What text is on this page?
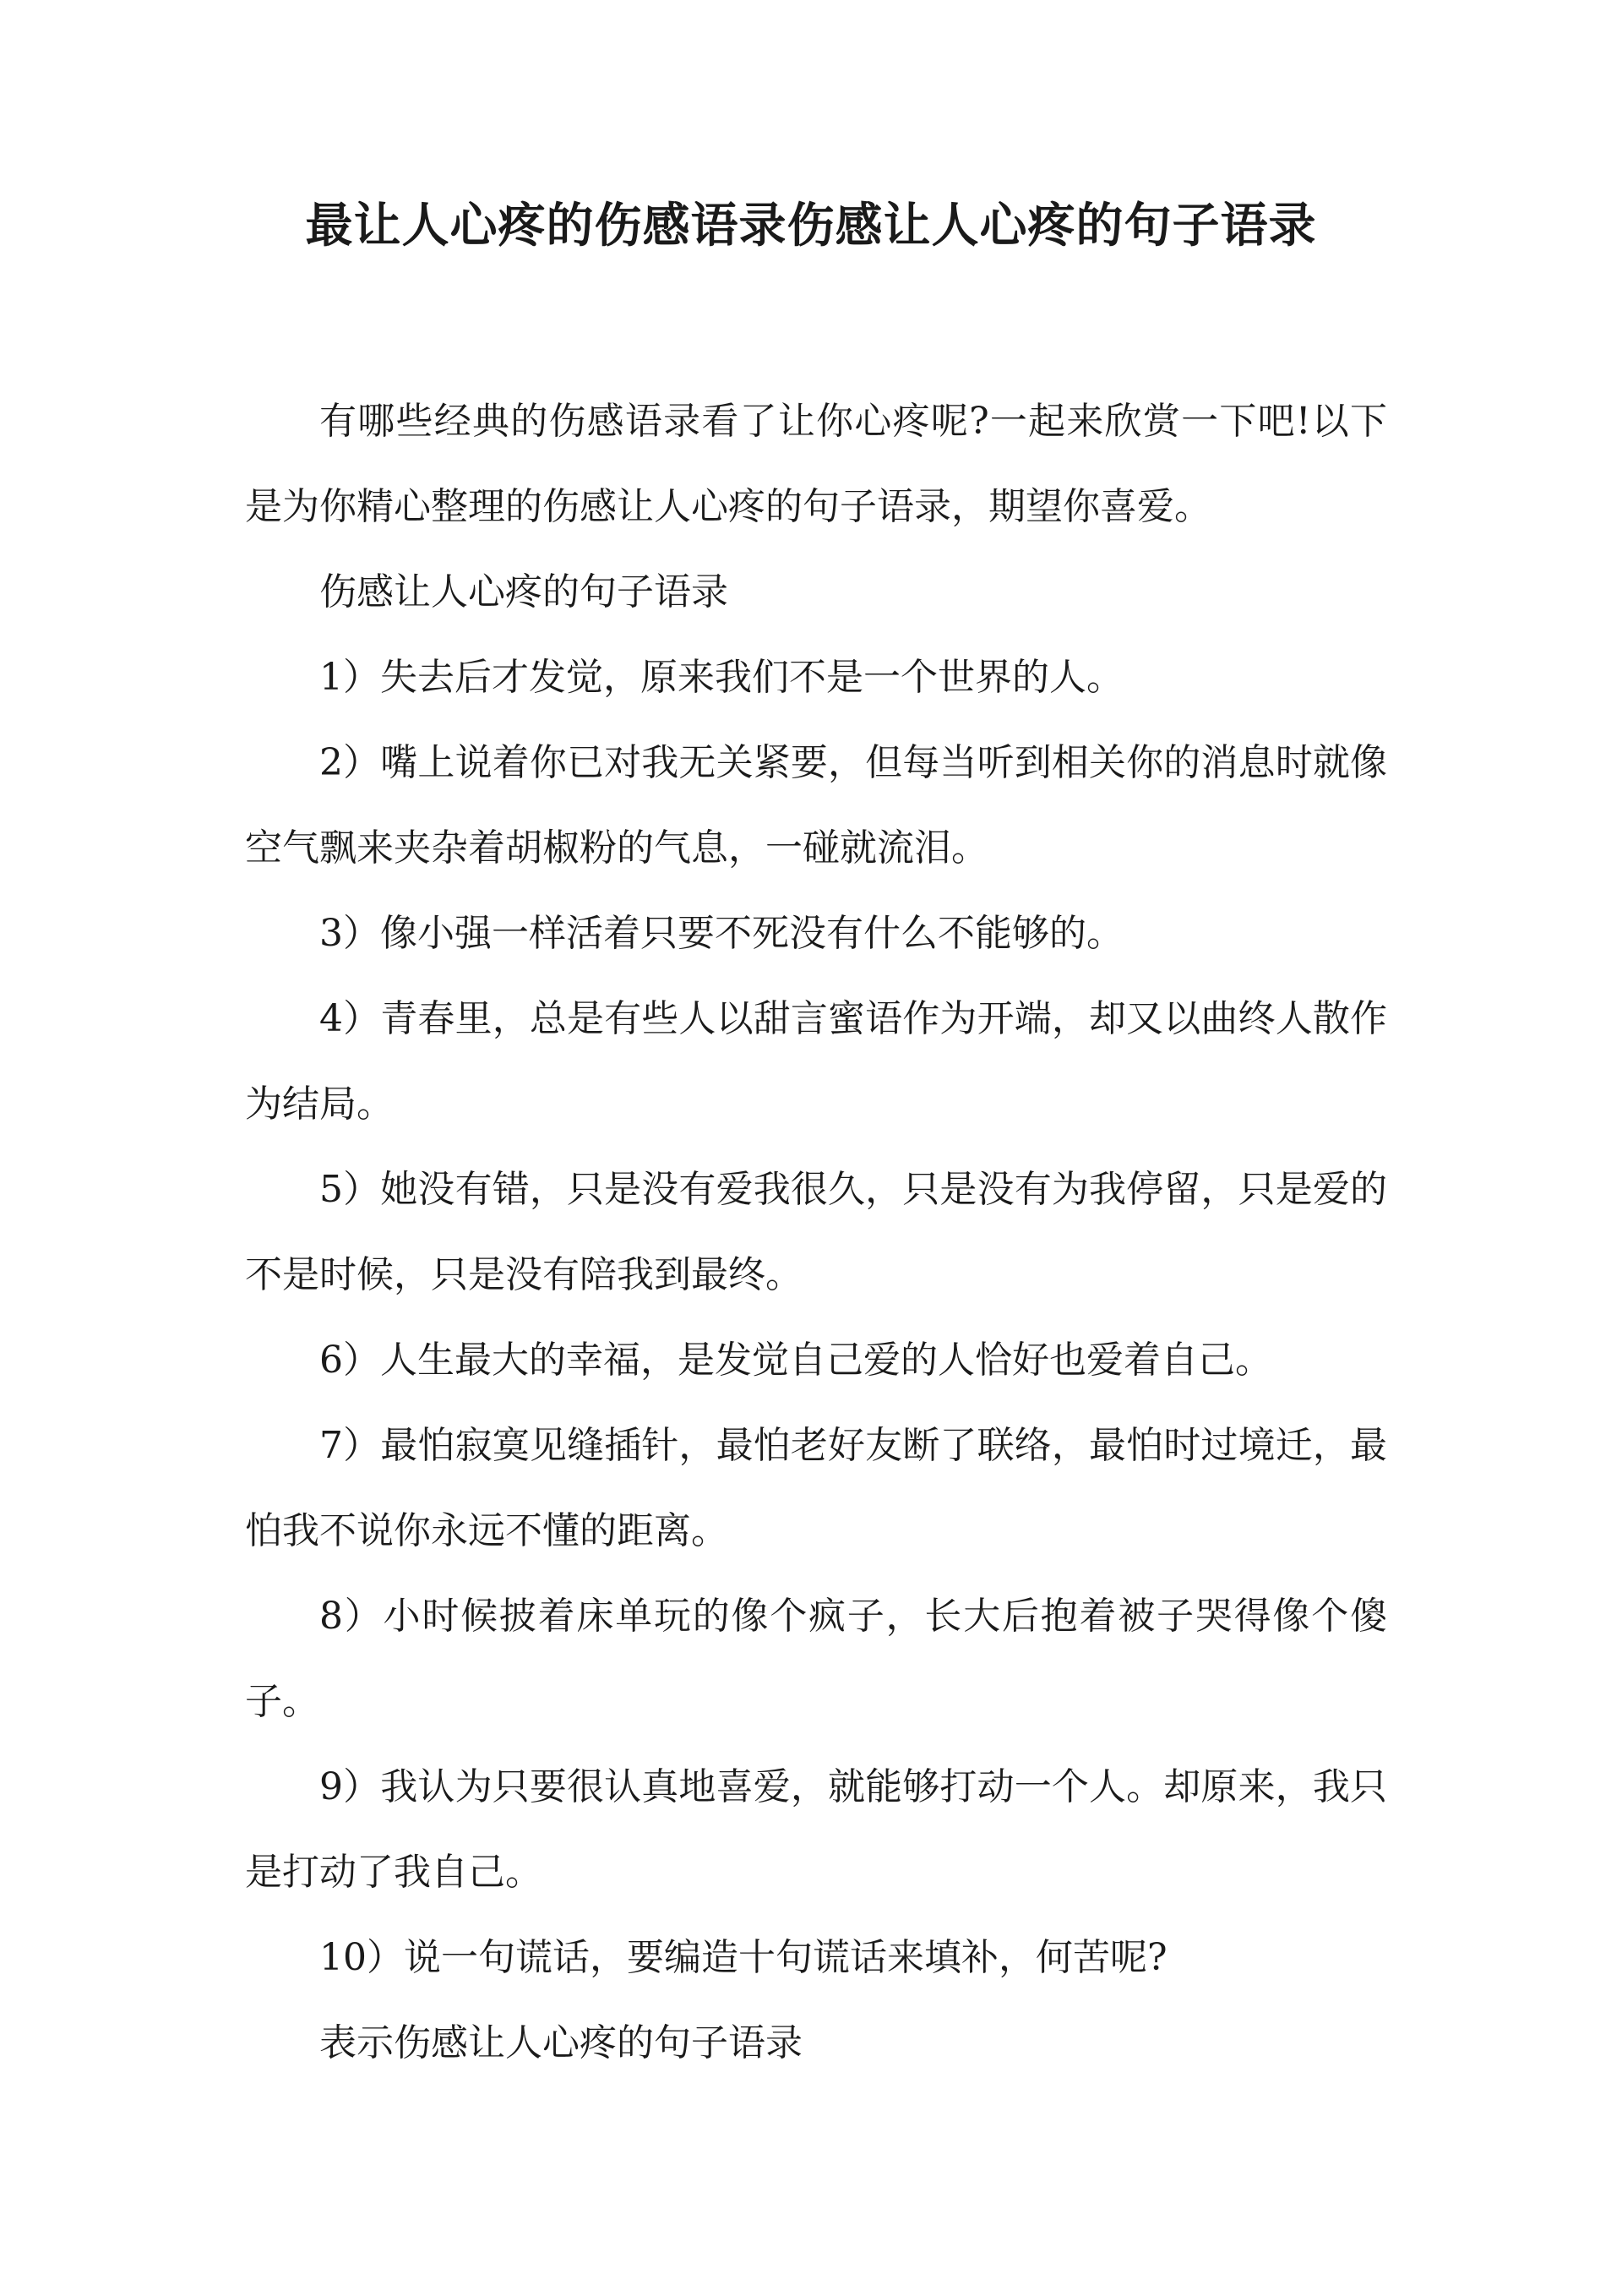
最让人心疼的伤感语录伤感让人心疼的句子语录

有哪些经典的伤感语录看了让你心疼呢?一起来欣赏一下吧!以下是为你精心整理的伤感让人心疼的句子语录，期望你喜爱。

伤感让人心疼的句子语录

1）失去后才发觉，原来我们不是一个世界的人。

2）嘴上说着你已对我无关紧要，但每当听到相关你的消息时就像空气飘来夹杂着胡椒粉的气息，一碰就流泪。

3）像小强一样活着只要不死没有什么不能够的。

4）青春里，总是有些人以甜言蜜语作为开端，却又以曲终人散作为结局。

5）她没有错，只是没有爱我很久，只是没有为我停留，只是爱的不是时候，只是没有陪我到最终。

6）人生最大的幸福，是发觉自己爱的人恰好也爱着自己。

7）最怕寂寞见缝插针，最怕老好友断了联络，最怕时过境迁，最怕我不说你永远不懂的距离。

8）小时候披着床单玩的像个疯子，长大后抱着被子哭得像个傻子。

9）我认为只要很认真地喜爱，就能够打动一个人。却原来，我只是打动了我自己。

10）说一句谎话，要编造十句谎话来填补，何苦呢?

表示伤感让人心疼的句子语录
